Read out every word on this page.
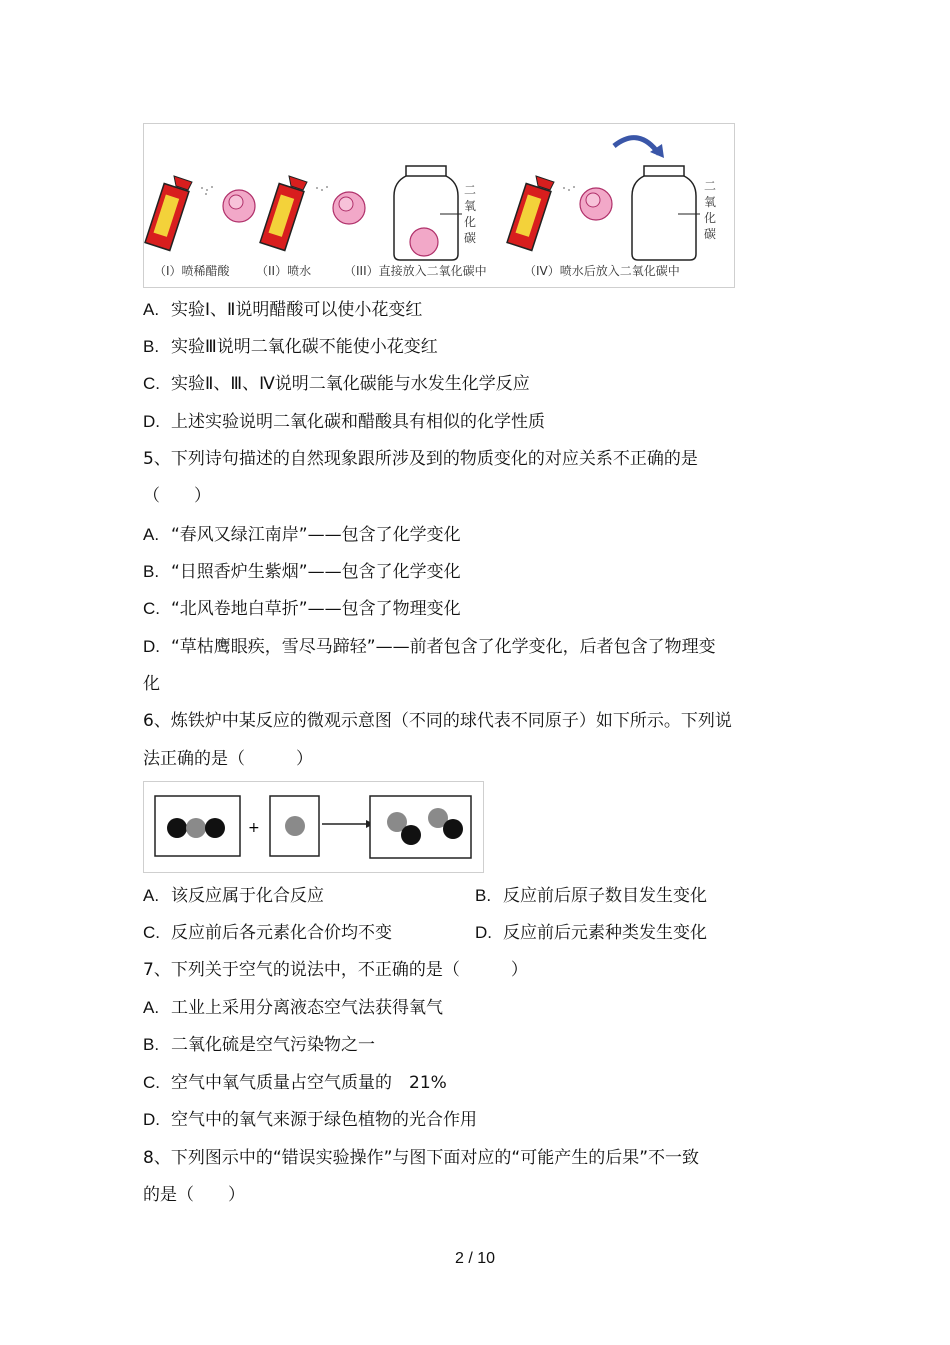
二氧化碳
二氧化碳
（I）喷稀醋酸 （II）喷水	（III）直接放入二氧化碳中	（IV）喷水后放入二氧化碳中
A. 实验Ⅰ、Ⅱ说明醋酸可以使小花变红
B. 实验Ⅲ说明二氧化碳不能使小花变红
C. 实验Ⅱ、Ⅲ、Ⅳ说明二氧化碳能与水发生化学反应
D. 上述实验说明二氧化碳和醋酸具有相似的化学性质
5、下列诗句描述的自然现象跟所涉及到的物质变化的对应关系不正确的是
（　　）
A. “春风又绿江南岸”——包含了化学变化
B. “日照香炉生紫烟”——包含了化学变化
C. “北风卷地白草折”——包含了物理变化
D. “草枯鹰眼疾，雪尽马蹄轻”——前者包含了化学变化，后者包含了物理变
化
6、炼铁炉中某反应的微观示意图（不同的球代表不同原子）如下所示。下列说
法正确的是（　　　）
+
A. 该反应属于化合反应	B. 反应前后原子数目发生变化
C. 反应前后各元素化合价均不变	D. 反应前后元素种类发生变化
7、下列关于空气的说法中，不正确的是（　　　）
A. 工业上采用分离液态空气法获得氧气
B. 二氧化硫是空气污染物之一
C. 空气中氧气质量占空气质量的　21%
D. 空气中的氧气来源于绿色植物的光合作用
8、下列图示中的“错误实验操作”与图下面对应的“可能产生的后果”不一致
的是（　　）
2 / 10
